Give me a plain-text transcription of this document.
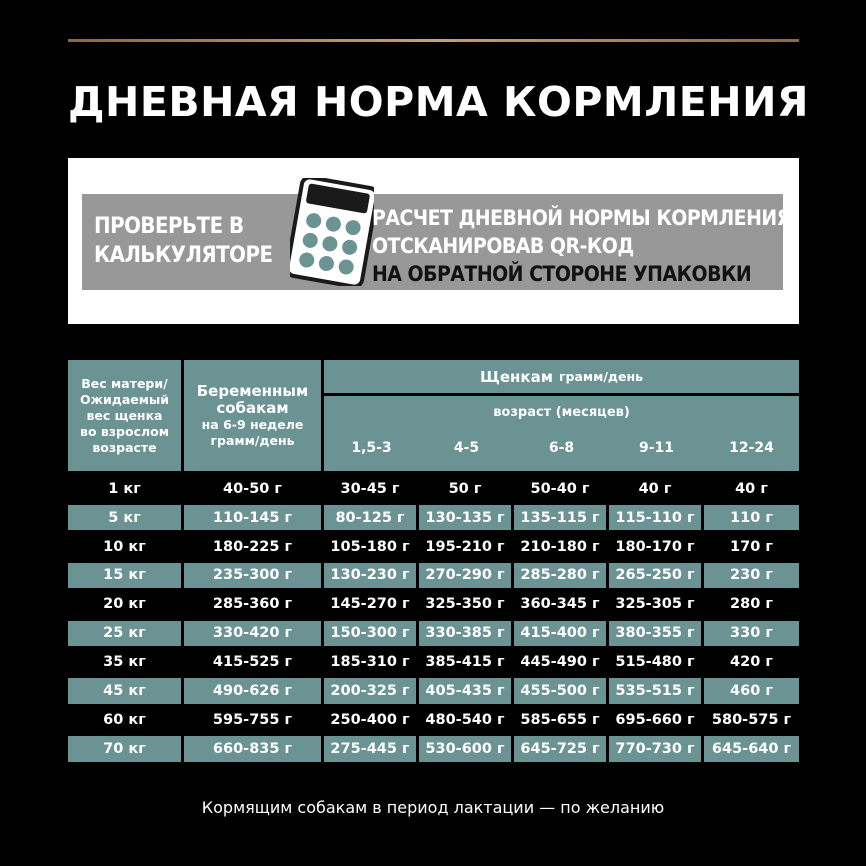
ДНЕВНАЯ НОРМА КОРМЛЕНИЯ
ПРОВЕРЬТЕ В
КАЛЬКУЛЯТОРЕ
РАСЧЕТ ДНЕВНОЙ НОРМЫ КОРМЛЕНИЯ,
ОТСКАНИРОВАВ QR-КОД
НА ОБРАТНОЙ СТОРОНЕ УПАКОВКИ
Вес матери/
Ожидаемый
вес щенка
во взрослом
возрасте
Беременным
собакам
на 6-9 неделе
грамм/день
Щенкам грамм/день
возраст (месяцев)
1,5-3	4-5	6-8	9-11	12-24
1 кг	40-50 г	30-45 г	50 г	50-40 г	40 г	40 г
5 кг	110-145 г	80-125 г	130-135 г	135-115 г	115-110 г	110 г
10 кг	180-225 г	105-180 г	195-210 г	210-180 г	180-170 г	170 г
15 кг	235-300 г	130-230 г	270-290 г	285-280 г	265-250 г	230 г
20 кг	285-360 г	145-270 г	325-350 г	360-345 г	325-305 г	280 г
25 кг	330-420 г	150-300 г	330-385 г	415-400 г	380-355 г	330 г
35 кг	415-525 г	185-310 г	385-415 г	445-490 г	515-480 г	420 г
45 кг	490-626 г	200-325 г	405-435 г	455-500 г	535-515 г	460 г
60 кг	595-755 г	250-400 г	480-540 г	585-655 г	695-660 г	580-575 г
70 кг	660-835 г	275-445 г	530-600 г	645-725 г	770-730 г	645-640 г
Кормящим собакам в период лактации — по желанию
